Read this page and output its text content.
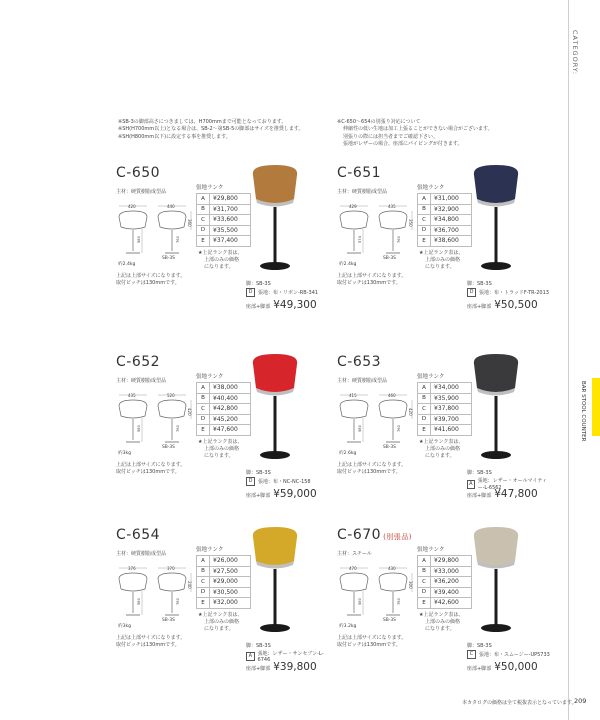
CATEGORY:
BAR STOOL COUNTER
※SB-3の脚部高さにつきましては、H700mmまで可能となっております。
※SH(H700mm以上)となる場合は、SB-2～第SB-5の脚部はサイズを推奨します。
※SH(H800mm以下)に設定する事を推奨します。
※C-650～654の別張り対応について
伸縮性の低い生地は加工上張ることができない場合がございます。
別張りの際には担当者までご確認下さい。
張地がレザーの場合、座部にパイピングが付きます。
C-650
主材：硬質樹脂成型品
420	440
360
580	760
約2.4kg
SB-3S
上記は上部サイズになります。
取付ピッチは130mmです。
張地ランク
A	¥29,800
B	¥31,700
C	¥33,600
D	¥35,500
E	¥37,400
★上記ランク表は、
上部のみの価格
になります。
脚：SB-3S
D	張地：布・リボン-RB-341
座部+脚部 ¥49,300
C-651
主材：硬質樹脂成型品
429	435
350
574	760
約2.4kg
SB-3S
上記は上部サイズになります。
取付ピッチは130mmです。
張地ランク
A	¥31,000
B	¥32,900
C	¥34,800
D	¥36,700
E	¥38,600
★上記ランク表は、
上部のみの価格
になります。
脚：SB-3S
D	張地：布・トラッドF-TR-2013
座部+脚部 ¥50,500
C-652
主材：硬質樹脂成型品
435	520
420
580	760
約3kg
SB-3S
上記は上部サイズになります。
取付ピッチは130mmです。
張地ランク
A	¥38,000
B	¥40,400
C	¥42,800
D	¥45,200
E	¥47,600
★上記ランク表は、
上部のみの価格
になります。
脚：SB-3S
D	張地：布・NC-NC-158
座部+脚部 ¥59,000
C-653
主材：硬質樹脂成型品
415	460
420
580	760
約2.6kg
SB-3S
上記は上部サイズになります。
取付ピッチは130mmです。
張地ランク
A	¥34,000
B	¥35,900
C	¥37,800
D	¥39,700
E	¥41,600
★上記ランク表は、
上部のみの価格
になります。
脚：SB-3S
A	張地：レザー・オールマイティー-L-6562
座部+脚部 ¥47,800
C-654
主材：硬質樹脂成型品
376	370
240
580	760
約3kg
SB-3S
上記は上部サイズになります。
取付ピッチは130mmです。
張地ランク
A	¥26,000
B	¥27,500
C	¥29,000
D	¥30,500
E	¥32,000
★上記ランク表は、
上部のみの価格
になります。
脚：SB-3S
A	張地：レザー・サンセブン-L-6746
座部+脚部 ¥39,800
C-670 (別張品)
主材：スチール
470	430
300
580	760
約3.2kg
SB-3S
上記は上部サイズになります。
取付ピッチは130mmです。
張地ランク
A	¥29,800
B	¥33,000
C	¥36,200
D	¥39,400
E	¥42,600
★上記ランク表は、
上部のみの価格
になります。
脚：SB-3S
C	張地：布・スムージー-UP5733
座部+脚部 ¥50,000
本カタログの価格は全て税抜表示となっています。
209
